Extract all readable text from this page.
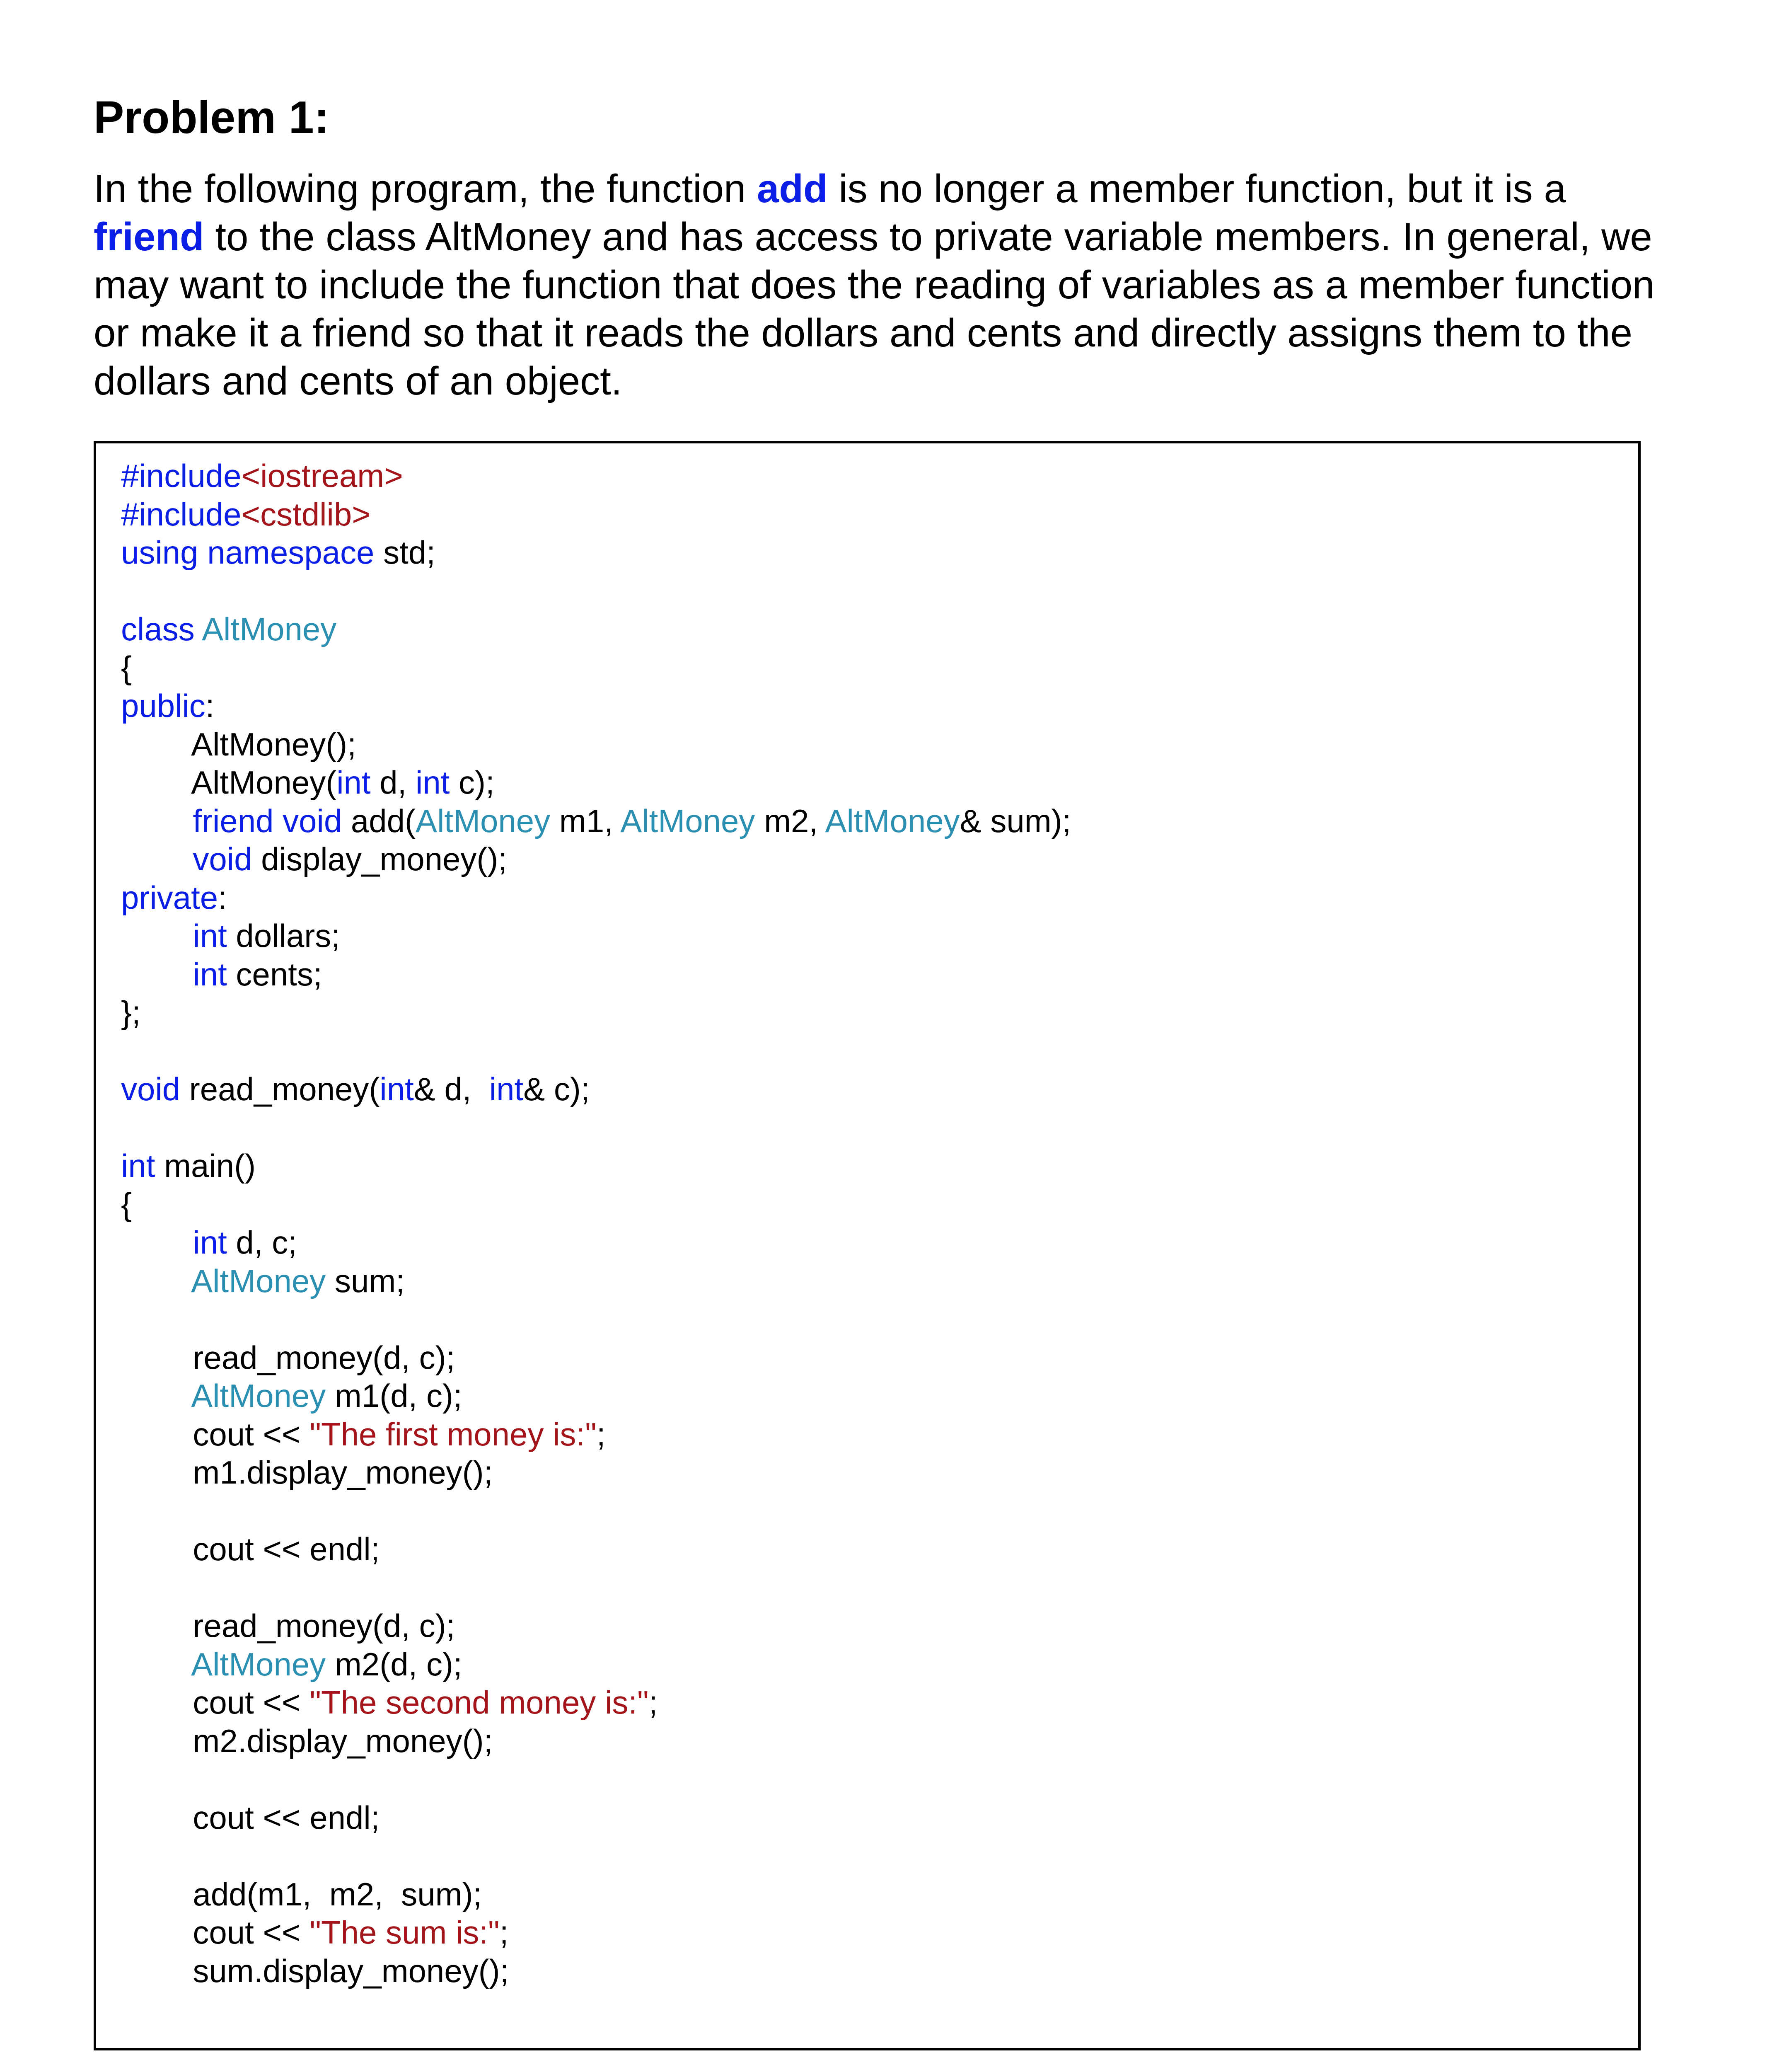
Problem 1:

In the following program, the function add is no longer a member function, but it is a friend to the class AltMoney and has access to private variable members. In general, we may want to include the function that does the reading of variables as a member function or make it a friend so that it reads the dollars and cents and directly assigns them to the dollars and cents of an object.

#include<iostream>
#include<cstdlib>
using namespace std;
class AltMoney
{
public:
AltMoney();
AltMoney(int d, int c);
friend void add(AltMoney m1, AltMoney m2, AltMoney& sum);
void display_money();
private:
int dollars;
int cents;
};
void read_money(int& d,  int& c);
int main()
{
int d, c;
AltMoney sum;
read_money(d, c);
AltMoney m1(d, c);
cout << "The first money is:";
m1.display_money();
cout << endl;
read_money(d, c);
AltMoney m2(d, c);
cout << "The second money is:";
m2.display_money();
cout << endl;
add(m1,  m2,  sum);
cout << "The sum is:";
sum.display_money();
